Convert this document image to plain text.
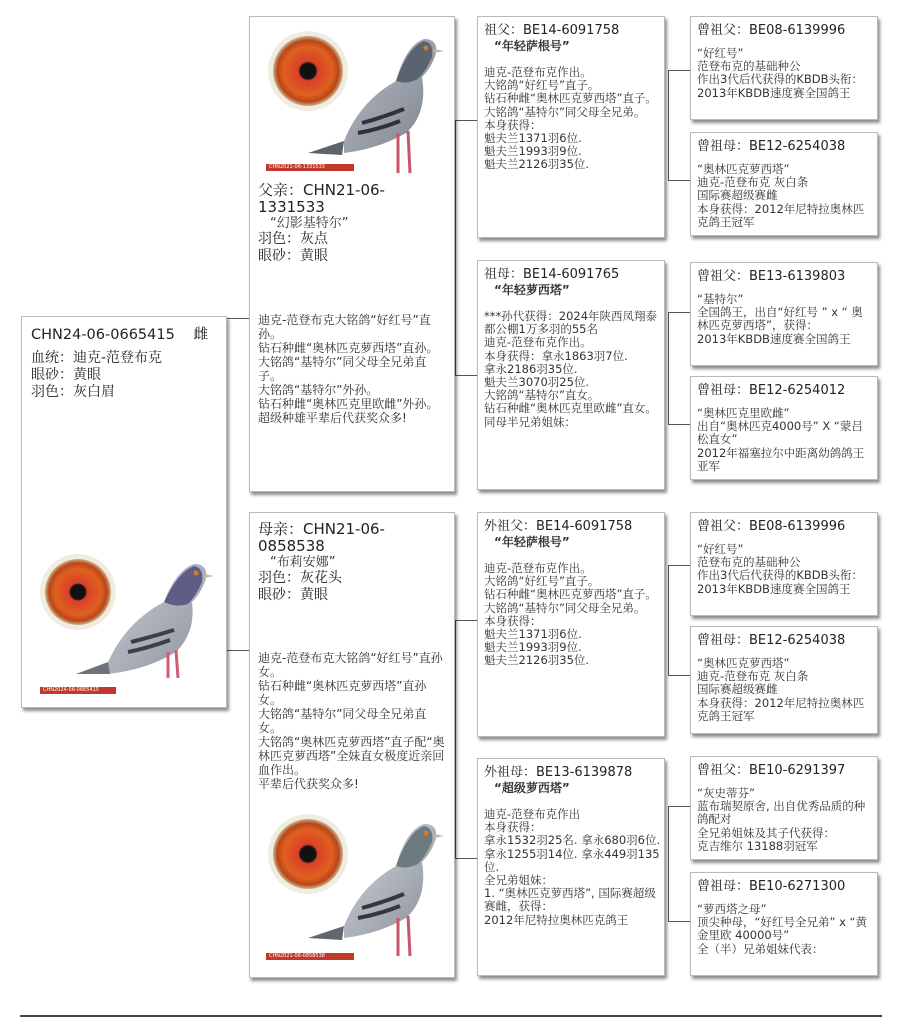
CHN24-06-0665415 雌
血统：迪克-范登布克
眼砂：黄眼
羽色：灰白眉
CHN2024-06-0665415
CHN2021-06-1331533
父亲：CHN21-06-1331533
“幻影基特尔”
羽色：灰点
眼砂：黄眼
迪克-范登布克大铭鸽“好红号”直孙。
钻石种雌“奥林匹克萝西塔”直孙。
大铭鸽“基特尔”同父母全兄弟直子。
大铭鸽“基特尔”外孙。
钻石种雌“奥林匹克里欧雌”外孙。
超级种雄平辈后代获奖众多!
母亲：CHN21-06-0858538
“布莉安娜”
羽色：灰花头
眼砂：黄眼
迪克-范登布克大铭鸽“好红号”直孙女。
钻石种雌“奥林匹克萝西塔”直孙女。
大铭鸽“基特尔”同父母全兄弟直女。
大铭鸽“奥林匹克萝西塔”直子配“奥林匹克萝西塔”全妹直女极度近亲回血作出。
平辈后代获奖众多!
CHN2021-06-0858538
祖父：BE14-6091758
“年轻萨根号”
迪克-范登布克作出。
大铭鸽“好红号”直子。
钻石种雌“奥林匹克萝西塔”直子。
大铭鸽“基特尔”同父母全兄弟。
本身获得：
魁夫兰1371羽6位.
魁夫兰1993羽9位.
魁夫兰2126羽35位.
祖母：BE14-6091765
“年轻萝西塔”
***孙代获得：2024年陕西凤翔泰都公棚1万多羽的55名
迪克-范登布克作出。
本身获得：拿永1863羽7位.
拿永2186羽35位.
魁夫兰3070羽25位.
大铭鸽“基特尔”直女。
钻石种雌“奥林匹克里欧雌”直女。
同母半兄弟姐妹：
外祖父：BE14-6091758
“年轻萨根号”
迪克-范登布克作出。
大铭鸽“好红号”直子。
钻石种雌“奥林匹克萝西塔”直子。
大铭鸽“基特尔”同父母全兄弟。
本身获得：
魁夫兰1371羽6位.
魁夫兰1993羽9位.
魁夫兰2126羽35位.
外祖母：BE13-6139878
“超级萝西塔”
迪克-范登布克作出
本身获得：
拿永1532羽25名. 拿永680羽6位.
拿永1255羽14位. 拿永449羽135位.
全兄弟姐妹：
1. “奥林匹克萝西塔”, 国际赛超级赛雌，获得：
2012年尼特拉奥林匹克鸽王
曾祖父：BE08-6139996
“好红号”
范登布克的基础种公
作出3代后代获得的KBDB头衔：
2013年KBDB速度赛全国鸽王
曾祖母：BE12-6254038
“奥林匹克萝西塔”
迪克-范登布克 灰白条
国际赛超级赛雌
本身获得：2012年尼特拉奥林匹克鸽王冠军
曾祖父：BE13-6139803
“基特尔”
全国鸽王，出自“好红号 ” x “ 奥林匹克萝西塔”，获得：
2013年KBDB速度赛全国鸽王
曾祖母：BE12-6254012
“奥林匹克里欧雌”
出自“奥林匹克4000号” X “蒙吕松直女”
2012年福塞拉尔中距离幼鸽鸽王亚军
曾祖父：BE08-6139996
“好红号”
范登布克的基础种公
作出3代后代获得的KBDB头衔：
2013年KBDB速度赛全国鸽王
曾祖母：BE12-6254038
“奥林匹克萝西塔”
迪克-范登布克 灰白条
国际赛超级赛雌
本身获得：2012年尼特拉奥林匹克鸽王冠军
曾祖父：BE10-6291397
“灰史蒂芬”
蓝布瑞契原舍, 出自优秀品质的种鸽配对
全兄弟姐妹及其子代获得：
克吉维尔 13188羽冠军
曾祖母：BE10-6271300
“萝西塔之母”
顶尖种母，“好红号全兄弟” x “黄金里欧 40000号”
全（半）兄弟姐妹代表：
